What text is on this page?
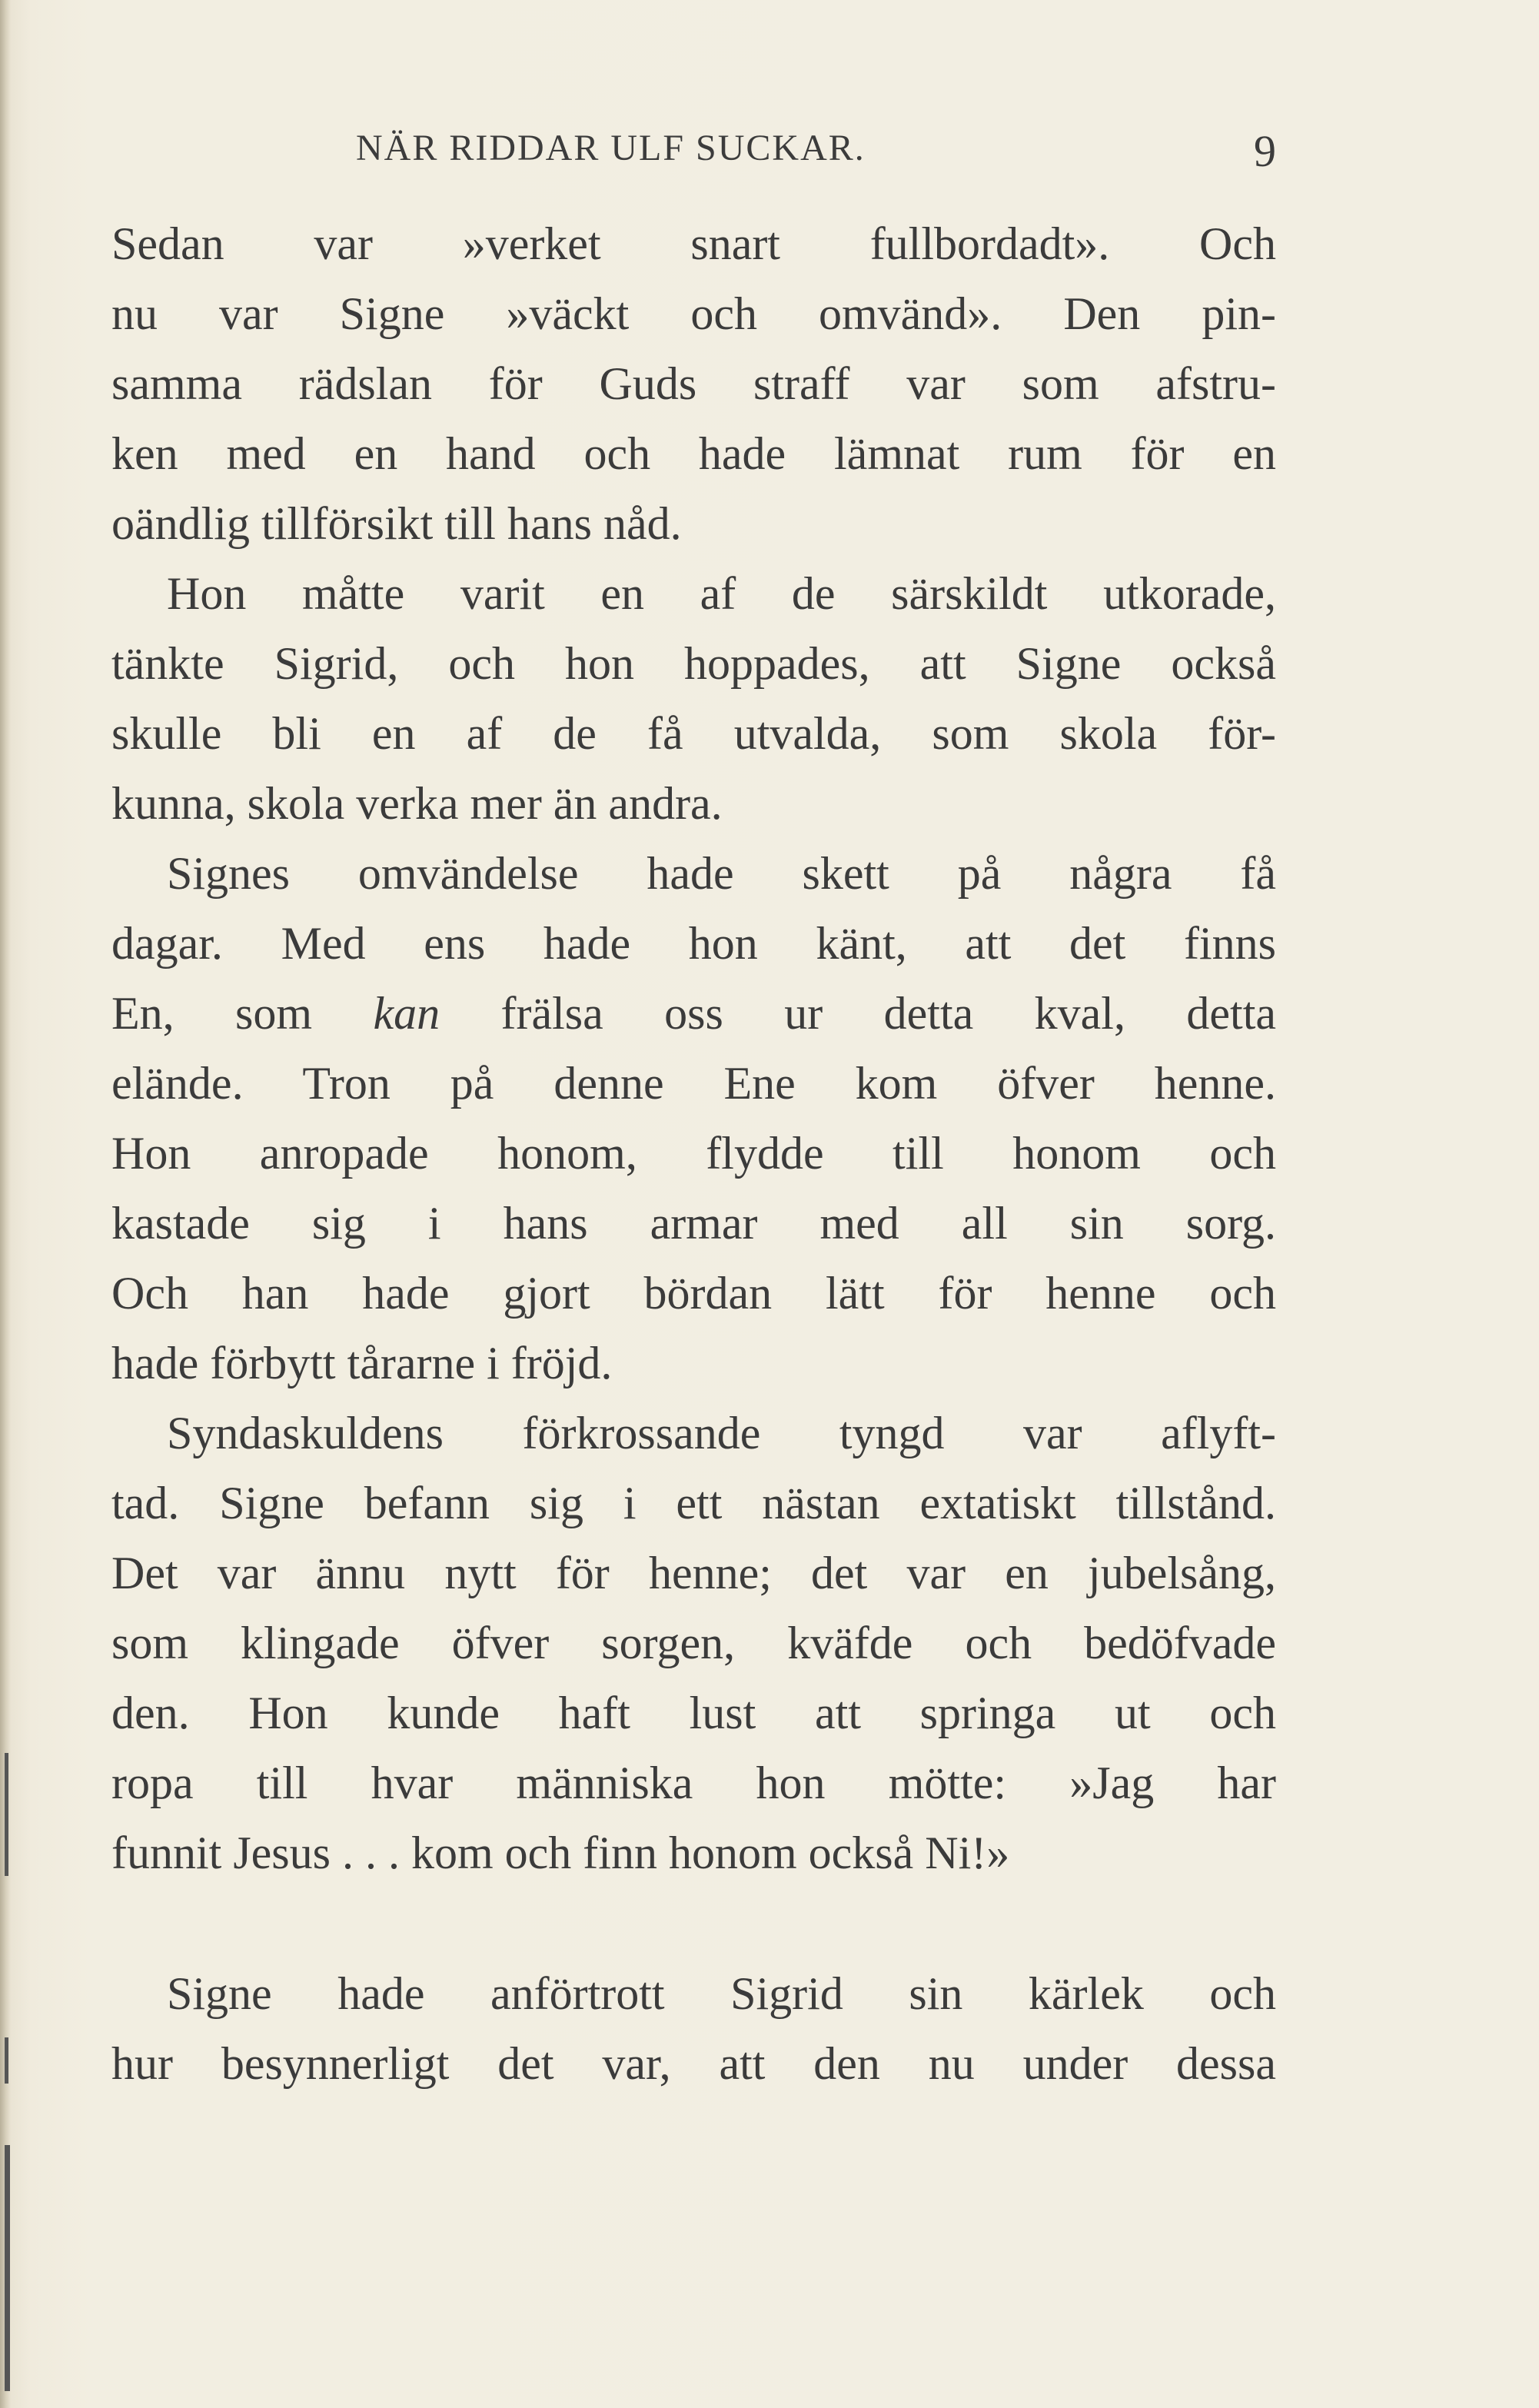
NÄR RIDDAR ULF SUCKAR.	9
Sedan var »verket snart fullbordadt». Och
nu var Signe »väckt och omvänd». Den pin-
samma rädslan för Guds straff var som afstru-
ken med en hand och hade lämnat rum för en
oändlig tillförsikt till hans nåd.
Hon måtte varit en af de särskildt utkorade,
tänkte Sigrid, och hon hoppades, att Signe också
skulle bli en af de få utvalda, som skola för-
kunna, skola verka mer än andra.
Signes omvändelse hade skett på några få
dagar. Med ens hade hon känt, att det finns
En, som kan frälsa oss ur detta kval, detta
elände. Tron på denne Ene kom öfver henne.
Hon anropade honom, flydde till honom och
kastade sig i hans armar med all sin sorg.
Och han hade gjort bördan lätt för henne och
hade förbytt tårarne i fröjd.
Syndaskuldens förkrossande tyngd var aflyft-
tad. Signe befann sig i ett nästan extatiskt tillstånd.
Det var ännu nytt för henne; det var en jubelsång,
som klingade öfver sorgen, kväfde och bedöfvade
den. Hon kunde haft lust att springa ut och
ropa till hvar människa hon mötte: »Jag har
funnit Jesus . . . kom och finn honom också Ni!»
Signe hade anförtrott Sigrid sin kärlek och
hur besynnerligt det var, att den nu under dessa
